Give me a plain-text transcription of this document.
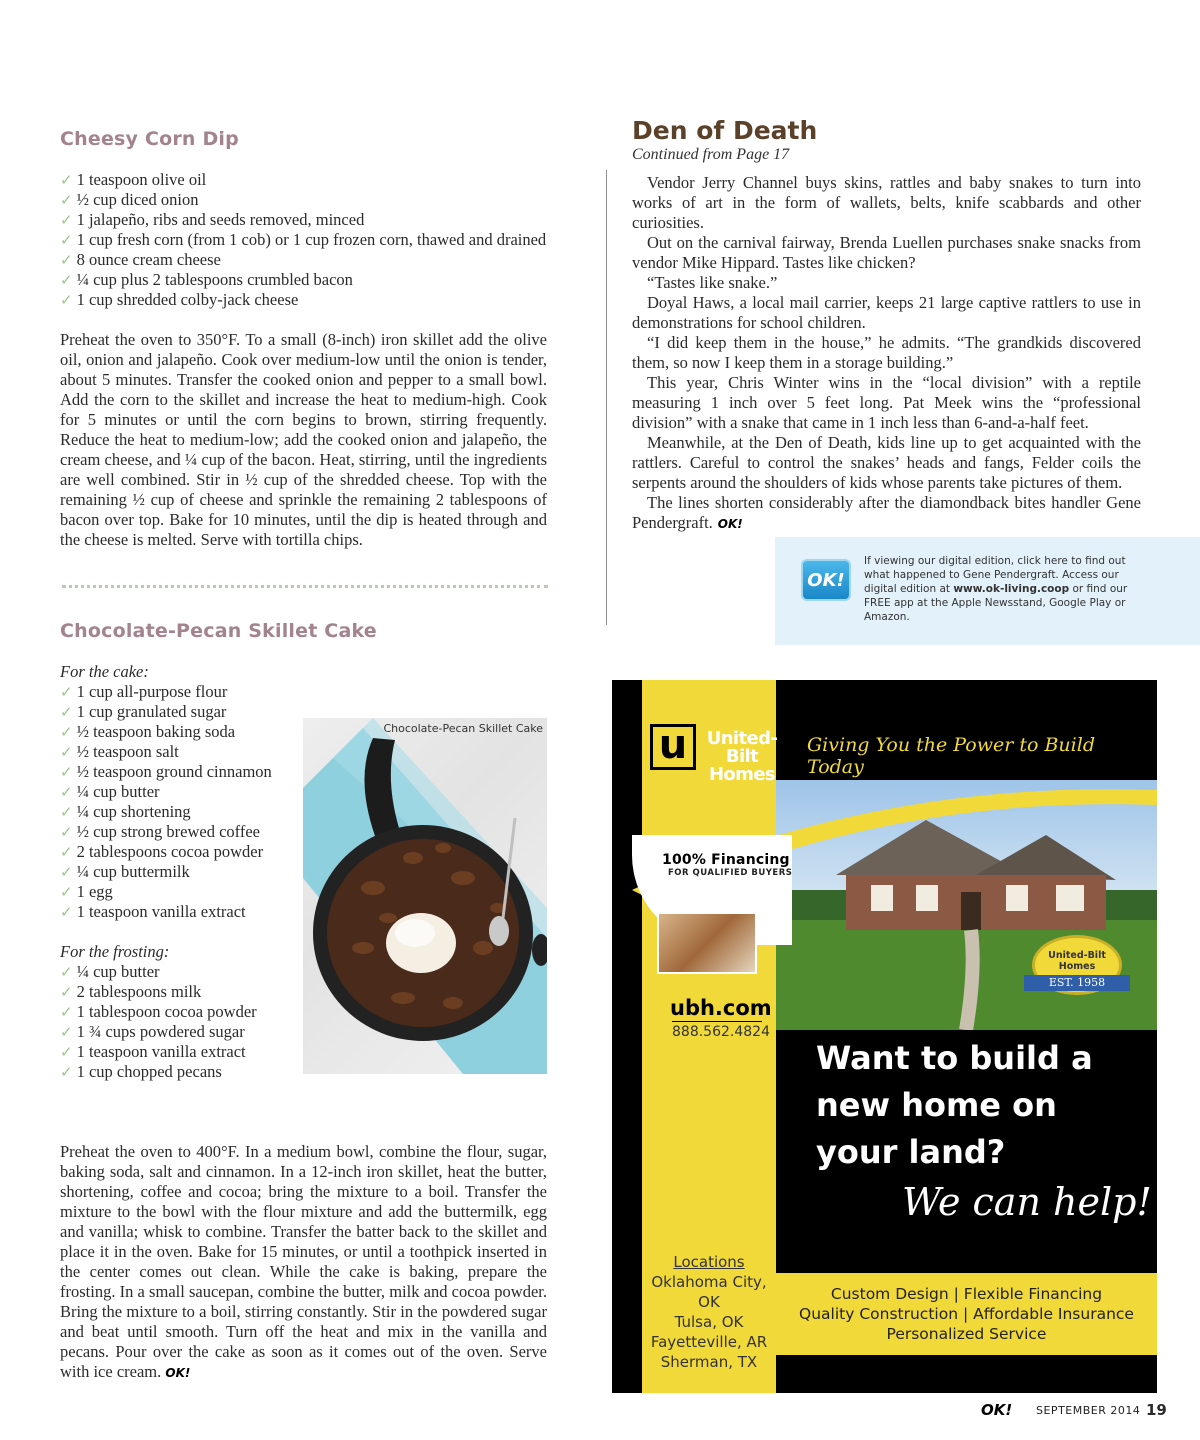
Cheesy Corn Dip
✓ 1 teaspoon olive oil
✓ ½ cup diced onion
✓ 1 jalapeño, ribs and seeds removed, minced
✓ 1 cup fresh corn (from 1 cob) or 1 cup frozen corn, thawed and drained
✓ 8 ounce cream cheese
✓ ¼ cup plus 2 tablespoons crumbled bacon
✓ 1 cup shredded colby-jack cheese
Preheat the oven to 350°F. To a small (8-inch) iron skillet add the olive oil, onion and jalapeño. Cook over medium-low until the onion is tender, about 5 minutes. Transfer the cooked onion and pepper to a small bowl. Add the corn to the skillet and increase the heat to medium-high. Cook for 5 minutes or until the corn begins to brown, stirring frequently. Reduce the heat to medium-low; add the cooked onion and jalapeño, the cream cheese, and ¼ cup of the bacon. Heat, stirring, until the ingredients are well combined. Stir in ½ cup of the shredded cheese. Top with the remaining ½ cup of cheese and sprinkle the remaining 2 tablespoons of bacon over top. Bake for 10 minutes, until the dip is heated through and the cheese is melted. Serve with tortilla chips.
Chocolate-Pecan Skillet Cake
For the cake:
✓ 1 cup all-purpose flour
✓ 1 cup granulated sugar
✓ ½ teaspoon baking soda
✓ ½ teaspoon salt
✓ ½ teaspoon ground cinnamon
✓ ¼ cup butter
✓ ¼ cup shortening
✓ ½ cup strong brewed coffee
✓ 2 tablespoons cocoa powder
✓ ¼ cup buttermilk
✓ 1 egg
✓ 1 teaspoon vanilla extract
For the frosting:
✓ ¼ cup butter
✓ 2 tablespoons milk
✓ 1 tablespoon cocoa powder
✓ 1 ¾ cups powdered sugar
✓ 1 teaspoon vanilla extract
✓ 1 cup chopped pecans
Chocolate-Pecan Skillet Cake
Preheat the oven to 400°F. In a medium bowl, combine the flour, sugar, baking soda, salt and cinnamon. In a 12-inch iron skillet, heat the butter, shortening, coffee and cocoa; bring the mixture to a boil. Transfer the mixture to the bowl with the flour mixture and add the buttermilk, egg and vanilla; whisk to combine. Transfer the batter back to the skillet and place it in the oven. Bake for 15 minutes, or until a toothpick inserted in the center comes out clean. While the cake is baking, prepare the frosting. In a small saucepan, combine the butter, milk and cocoa powder. Bring the mixture to a boil, stirring constantly. Stir in the powdered sugar and beat until smooth. Turn off the heat and mix in the vanilla and pecans. Pour over the cake as soon as it comes out of the oven. Serve with ice cream. OK!
Den of Death
Continued from Page 17

Vendor Jerry Channel buys skins, rattles and baby snakes to turn into works of art in the form of wallets, belts, knife scabbards and other curiosities.

Out on the carnival fairway, Brenda Luellen purchases snake snacks from vendor Mike Hippard. Tastes like chicken?

“Tastes like snake.”

Doyal Haws, a local mail carrier, keeps 21 large captive rattlers to use in demonstrations for school children.

“I did keep them in the house,” he admits. “The grandkids discovered them, so now I keep them in a storage building.”

This year, Chris Winter wins in the “local division” with a reptile measuring 1 inch over 5 feet long. Pat Meek wins the “professional division” with a snake that came in 1 inch less than 6-and-a-half feet.

Meanwhile, at the Den of Death, kids line up to get acquainted with the rattlers. Careful to control the snakes’ heads and fangs, Felder coils the serpents around the shoulders of kids whose parents take pictures of them.

The lines shorten considerably after the diamondback bites handler Gene Pendergraft. OK!

OK!
If viewing our digital edition, click here to find out what happened to Gene Pendergraft. Access our digital edition at www.ok-living.coop or find our FREE app at the Apple Newsstand, Google Play or Amazon.
u	United-Bilt
Homes
Giving You the Power to Build Today
100% Financing
FOR QUALIFIED BUYERS
ubh.com
888.562.4824
United-Bilt
Homes
EST. 1958
Want to build a
new home on
your land?
We can help!
Locations
Oklahoma City, OK
Tulsa, OK
Fayetteville, AR
Sherman, TX
Custom Design | Flexible Financing
Quality Construction | Affordable Insurance
Personalized Service
OK! SEPTEMBER 2014 19
